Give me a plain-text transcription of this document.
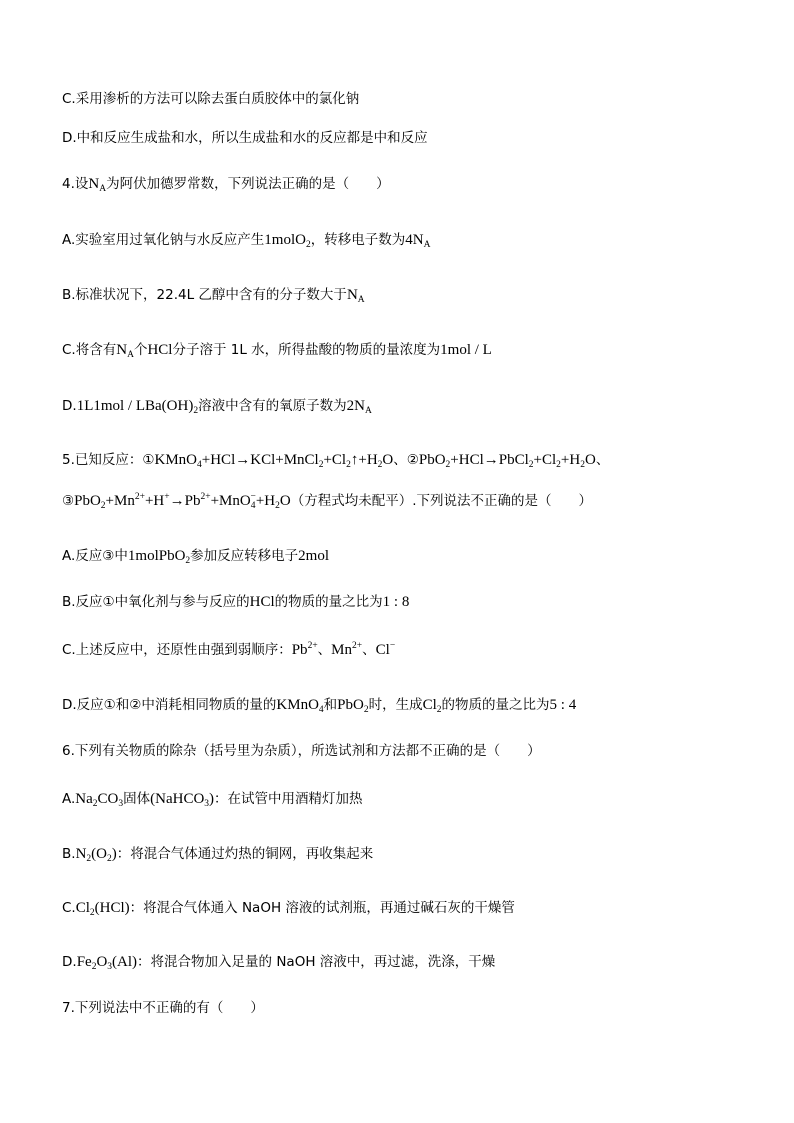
C.采用渗析的方法可以除去蛋白质胶体中的氯化钠
D.中和反应生成盐和水，所以生成盐和水的反应都是中和反应
4.设$N_A$为阿伏加德罗常数，下列说法正确的是（　　）
A.实验室用过氧化钠与水反应产生1molO$_2$，转移电子数为$4N_A$
B.标准状况下，22.4L 乙醇中含有的分子数大于$N_A$
C.将含有$N_A$个HCl分子溶于 1L 水，所得盐酸的物质的量浓度为1mol / L
$D.1L1mol / LBa(OH)_2$溶液中含有的氧原子数为$2N_A$
5.已知反应：$①KMnO_4+HCl\to KCl+MnCl_2+Cl_2↑+H_2O$、$②PbO_2+HCl\to PbCl_2+Cl_2+H_2O$、
$③PbO_2+Mn^{2+}+H^+\to Pb^{2+}+MnO_4^-+H_2O$（方程式均未配平）.下列说法不正确的是（　　）
A.反应③中1molPbO$_2$参加反应转移电子2mol
B.反应①中氧化剂与参与反应的HCl的物质的量之比为1 : 8
C.上述反应中，还原性由强到弱顺序：$Pb^{2+}$、$Mn^{2+}$、Cl−
D.反应①和②中消耗相同物质的量的KMnO$_4$和PbO$_2$时，生成$Cl_2$的物质的量之比为5 : 4
6.下列有关物质的除杂（括号里为杂质），所选试剂和方法都不正确的是（　　）
$A.Na_2CO_3$固体(NaHCO$_3$)：在试管中用酒精灯加热
$B.N_2(O_2)$：将混合气体通过灼热的铜网，再收集起来
$C.Cl_2(HCl)$：将混合气体通入 NaOH 溶液的试剂瓶，再通过碱石灰的干燥管
$D.Fe_2O_3(Al)$：将混合物加入足量的 NaOH 溶液中，再过滤，洗涤，干燥
7.下列说法中不正确的有（　　）
